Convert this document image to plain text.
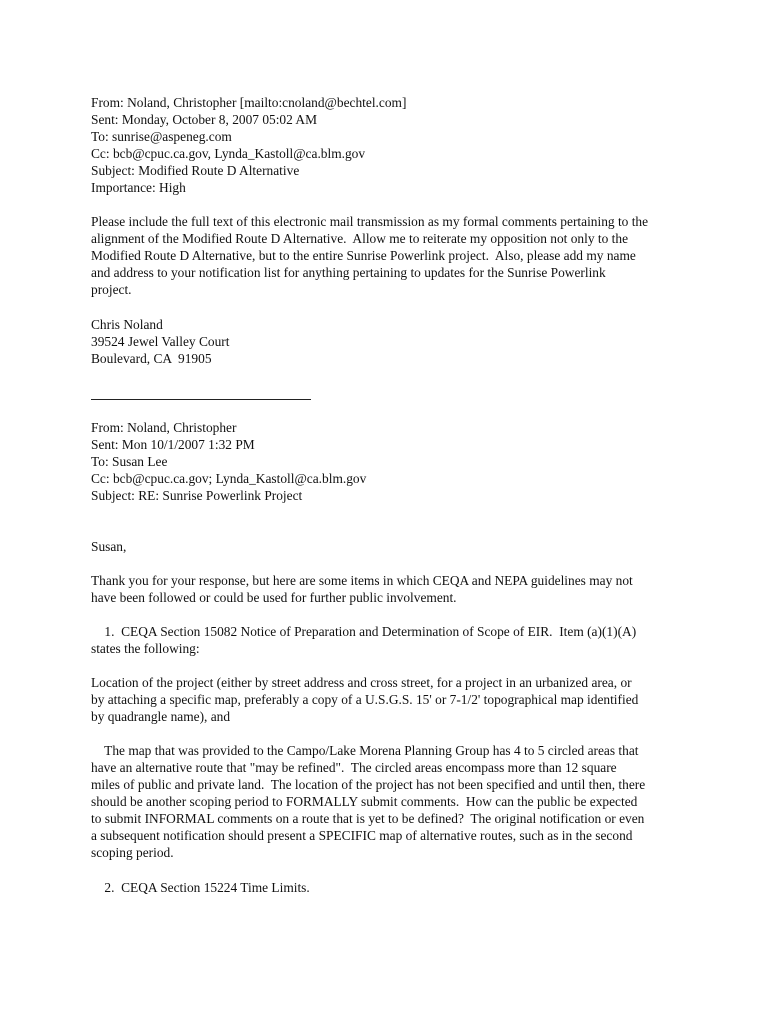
From: Noland, Christopher [mailto:cnoland@bechtel.com]
Sent: Monday, October 8, 2007 05:02 AM
To: sunrise@aspeneg.com
Cc: bcb@cpuc.ca.gov, Lynda_Kastoll@ca.blm.gov
Subject: Modified Route D Alternative
Importance: High
Please include the full text of this electronic mail transmission as my formal comments pertaining to the
alignment of the Modified Route D Alternative.  Allow me to reiterate my opposition not only to the
Modified Route D Alternative, but to the entire Sunrise Powerlink project.  Also, please add my name
and address to your notification list for anything pertaining to updates for the Sunrise Powerlink
project.
Chris Noland
39524 Jewel Valley Court
Boulevard, CA  91905
From: Noland, Christopher
Sent: Mon 10/1/2007 1:32 PM
To: Susan Lee
Cc: bcb@cpuc.ca.gov; Lynda_Kastoll@ca.blm.gov
Subject: RE: Sunrise Powerlink Project
Susan,
Thank you for your response, but here are some items in which CEQA and NEPA guidelines may not
have been followed or could be used for further public involvement.
1.  CEQA Section 15082 Notice of Preparation and Determination of Scope of EIR.  Item (a)(1)(A)
states the following:
Location of the project (either by street address and cross street, for a project in an urbanized area, or
by attaching a specific map, preferably a copy of a U.S.G.S. 15' or 7-1/2' topographical map identified
by quadrangle name), and
The map that was provided to the Campo/Lake Morena Planning Group has 4 to 5 circled areas that
have an alternative route that "may be refined".  The circled areas encompass more than 12 square
miles of public and private land.  The location of the project has not been specified and until then, there
should be another scoping period to FORMALLY submit comments.  How can the public be expected
to submit INFORMAL comments on a route that is yet to be defined?  The original notification or even
a subsequent notification should present a SPECIFIC map of alternative routes, such as in the second
scoping period.
2.  CEQA Section 15224 Time Limits.
